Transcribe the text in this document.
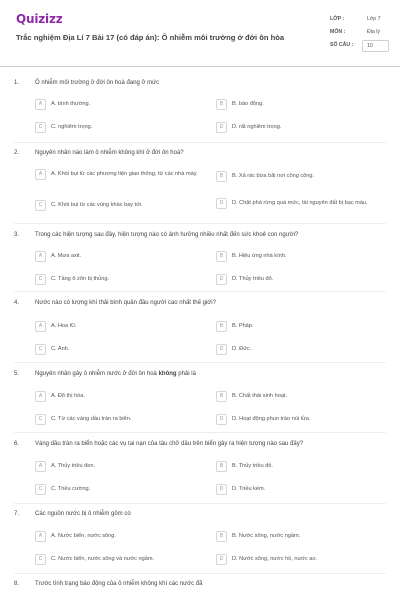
Quizizz
Trắc nghiệm Địa Lí 7 Bài 17 (có đáp án): Ô nhiễm môi trường ở đới ôn hòa
LỚP :	Lớp 7
MÔN :	Địa lý
SỐ CÂU :	10
1.	Ô nhiễm môi trường ở đới ôn hoà đang ở mức
A	A. bình thường.	B	B. báo động.
C	C. nghiêm trọng.	D	D. rất nghiêm trọng.
2.	Nguyên nhân nào làm ô nhiễm không khí ở đới ôn hoà?
A	A. Khói bụi từ các phương tiện giao thông, từ các nhà máy.	B	B. Xả rác bừa bãi nơi công cộng.
C	C. Khói bụi từ các vùng khác bay tới.	D	D. Chặt phá rừng quá mức, tài nguyên đất bị bạc màu.
3.	Trong các hiện tượng sau đây, hiện tượng nào có ảnh hưởng nhiều nhất đến sức khoẻ con người?
A	A. Mưa axit.	B	B. Hiệu ứng nhà kính.
C	C. Tầng ô zôn bị thủng.	D	D. Thủy triều đỏ.
4.	Nước nào có lượng khí thải bình quân đầu người cao nhất thế giới?
A	A. Hoa Kì.	B	B. Pháp.
C	C. Anh.	D	D. Đức.
5.	Nguyên nhân gây ô nhiễm nước ở đới ôn hoà không phải là
A	A. Đô thị hóa.	B	B. Chất thải sinh hoạt.
C	C. Từ các váng dầu tràn ra biển.	D	D. Hoạt động phun trào núi lửa.
6.	Váng dầu tràn ra biển hoặc các vụ tai nạn của tàu chở dầu trên biển gây ra hiện tượng nào sau đây?
A	A. Thủy triều đen.	B	B. Thủy triều đỏ.
C	C. Triều cường.	D	D. Triều kém.
7.	Các nguồn nước bị ô nhiễm gồm có
A	A. Nước biển, nước sông.	B	B. Nước sông, nước ngầm.
C	C. Nước biển, nước sông và nước ngầm.	D	D. Nước sông, nước hồ, nước ao.
8.	Trước tình trạng báo động của ô nhiễm không khí các nước đã
